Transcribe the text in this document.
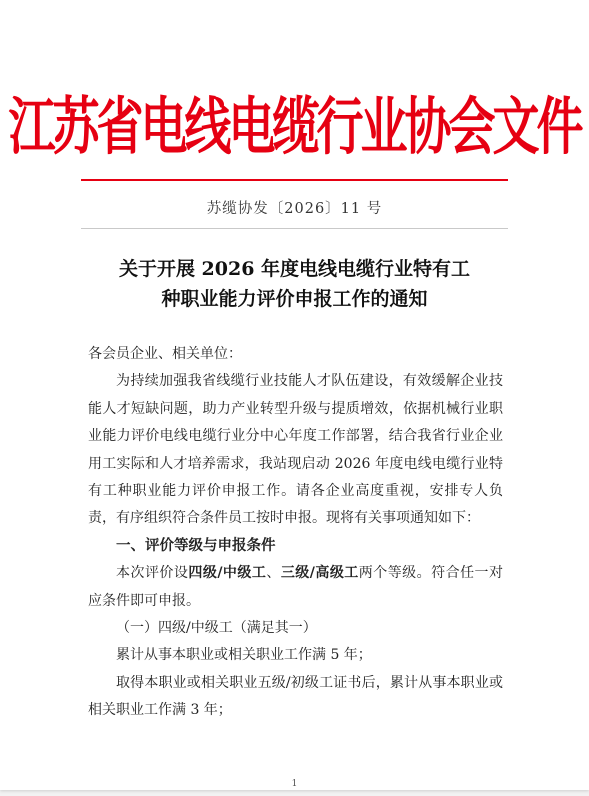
江苏省电线电缆行业协会文件
苏缆协发〔2026〕11 号
关于开展 2026 年度电线电缆行业特有工
种职业能力评价申报工作的通知

各会员企业、相关单位：

为持续加强我省线缆行业技能人才队伍建设，有效缓解企业技能人才短缺问题，助力产业转型升级与提质增效，依据机械行业职业能力评价电线电缆行业分中心年度工作部署，结合我省行业企业用工实际和人才培养需求，我站现启动 2026 年度电线电缆行业特有工种职业能力评价申报工作。请各企业高度重视，安排专人负责，有序组织符合条件员工按时申报。现将有关事项通知如下：

一、评价等级与申报条件

本次评价设四级/中级工、三级/高级工两个等级。符合任一对应条件即可申报。

（一）四级/中级工（满足其一）

累计从事本职业或相关职业工作满 5 年；

取得本职业或相关职业五级/初级工证书后，累计从事本职业或相关职业工作满 3 年；

1
